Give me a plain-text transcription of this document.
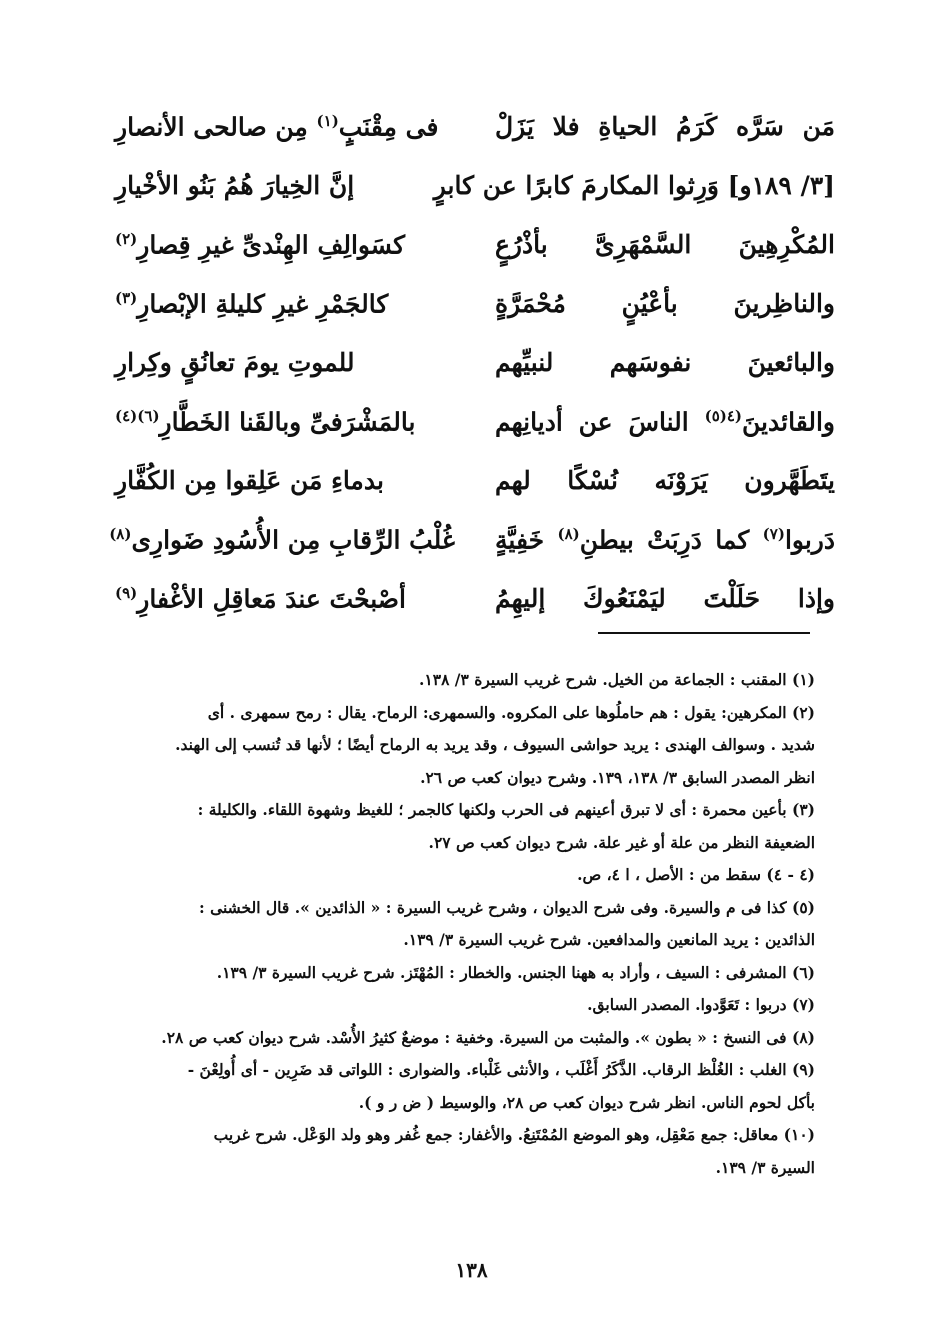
مَن سَرَّه كَرَمُ الحياةِ فلا يَزَلْ
فى مِقْنَبٍ$^{(١)}$ مِن صالحى الأنصارِ
[٣/ ١٨٩و] وَرِثوا المكارمَ كابرًا عن كابرٍ
إنَّ الخِيارَ هُمُ بَنُو الأخْيارِ
المُكْرِهِينَ السَّمْهَرِىَّ بأذْرُعٍ
كسَوالِفِ الهِنْدىِّ غيرِ قِصارِ$^{(٢)}$
والناظِرينَ بأعْيُنٍ مُحْمَرَّةٍ
كالجَمْرِ غيرِ كليلةِ الإبْصارِ$^{(٣)}$
والبائعينَ نفوسَهم لنبيِّهم
للموتِ يومَ تعانُقٍ وكِرارِ
والقائدينَ$^{(٤(٥)}$ الناسَ عن أديانِهم
بالمَشْرَفىِّ وبالقَنا الخَطَّارِ$^{(٦)(٤)}$
يتَطَهَّرون يَرَوْنَه نُسْكًا لهم
بدماءِ مَن عَلِقوا مِن الكُفَّارِ
دَربوا$^{(٧)}$ كما دَرِبَتْ بيطنِ$^{(٨)}$ خَفِيَّةٍ
غُلْبُ الرِّقابِ مِن الأُسُودِ ضَوارِى$^{(٨)}$
وإذا حَلَلْتَ ليَمْنَعُوكَ إليهِمُ
أصْبحْتَ عندَ مَعاقِلِ الأغْفارِ$^{(٩)}$
(١) المقنب : الجماعة من الخيل. شرح غريب السيرة ٣/ ١٣٨.
(٢) المكرهين: يقول : هم حاملُوها على المكروه. والسمهرى: الرماح. يقال : رمح سمهرى . أى
شديد . وسوالف الهندى : يريد حواشى السيوف ، وقد يريد به الرماح أيضًا ؛ لأنها قد تُنسب إلى الهند.
انظر المصدر السابق ٣/ ١٣٨، ١٣٩. وشرح ديوان كعب ص ٢٦.
(٣) بأعين محمرة : أى لا تبرق أعينهم فى الحرب ولكنها كالجمر ؛ للغيظ وشهوة اللقاء. والكليلة :
الضعيفة النظر من علة أو غير علة. شرح ديوان كعب ص ٢٧.
(٤ - ٤) سقط من : الأصل ، ا ٤، ص.
(٥) كذا فى م والسيرة. وفى شرح الديوان ، وشرح غريب السيرة : « الذائدين ». قال الخشنى :
الذائدين : يريد المانعين والمدافعين. شرح غريب السيرة ٣/ ١٣٩.
(٦) المشرفى : السيف ، وأراد به ههنا الجنس. والخطار : المُهْتَز. شرح غريب السيرة ٣/ ١٣٩.
(٧) دربوا : تَعَوَّدوا. المصدر السابق.
(٨) فى النسخ : « بطون ». والمثبت من السيرة. وخفية : موضعٌ كثيرُ الأُسْد. شرح ديوان كعب ص ٢٨.
(٩) الغلب : الغُلْظ الرقاب. الذَّكَرُ أَغْلَب ، والأنثى غَلْباء. والضوارى : اللواتى قد ضَرِين - أى أُولِعْنَ -
بأكل لحوم الناس. انظر شرح ديوان كعب ص ٢٨، والوسيط ( ض ر و ).
(١٠) معاقل: جمع مَعْقِل، وهو الموضع المُمْتَنِعُ. والأغفار: جمع غُفر وهو ولد الوَعْل. شرح غريب
السيرة ٣/ ١٣٩.
١٣٨
